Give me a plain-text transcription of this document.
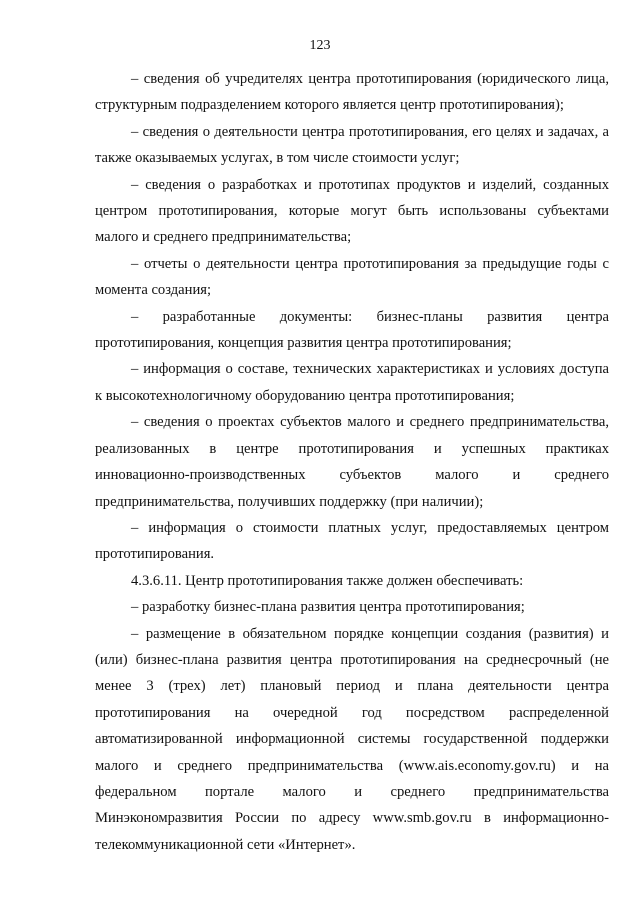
123

– сведения об учредителях центра прототипирования (юридического лица, структурным подразделением которого является центр прототипирования);

– сведения о деятельности центра прототипирования, его целях и задачах, а также оказываемых услугах, в том числе стоимости услуг;

– сведения о разработках и прототипах продуктов и изделий, созданных центром прототипирования, которые могут быть использованы субъектами малого и среднего предпринимательства;

– отчеты о деятельности центра прототипирования за предыдущие годы с момента создания;

– разработанные документы: бизнес-планы развития центра прототипирования, концепция развития центра прототипирования;

– информация о составе, технических характеристиках и условиях доступа к высокотехнологичному оборудованию центра прототипирования;

– сведения о проектах субъектов малого и среднего предпринимательства, реализованных в центре прототипирования и успешных практиках инновационно-производственных субъектов малого и среднего предпринимательства, получивших поддержку (при наличии);

– информация о стоимости платных услуг, предоставляемых центром прототипирования.

4.3.6.11. Центр прототипирования также должен обеспечивать:

– разработку бизнес-плана развития центра прототипирования;

– размещение в обязательном порядке концепции создания (развития) и (или) бизнес-плана развития центра прототипирования на среднесрочный (не менее 3 (трех) лет) плановый период и плана деятельности центра прототипирования на очередной год посредством распределенной автоматизированной информационной системы государственной поддержки малого и среднего предпринимательства (www.ais.economy.gov.ru) и на федеральном портале малого и среднего предпринимательства Минэкономразвития России по адресу www.smb.gov.ru в информационно-телекоммуникационной сети «Интернет».
